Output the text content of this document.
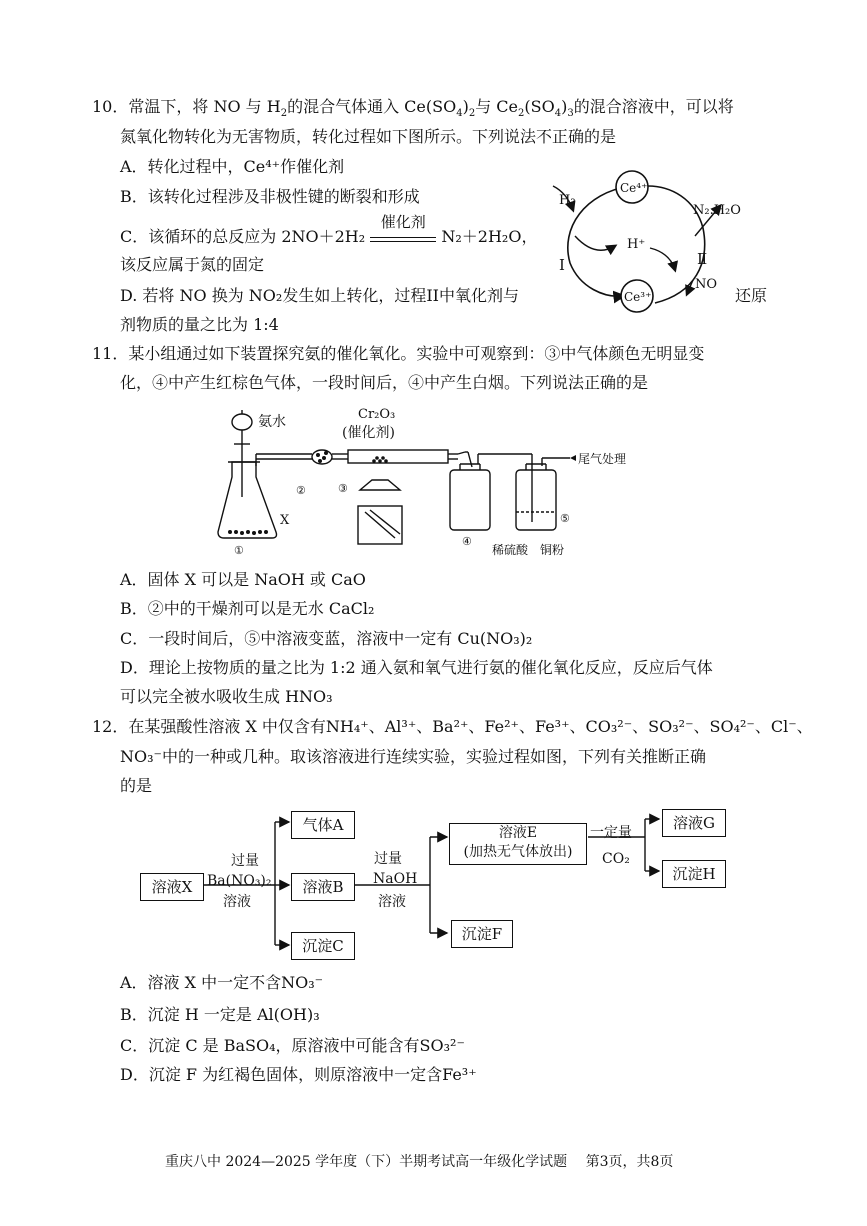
10．常温下，将 NO 与 $H_2$的混合气体通入 $Ce(SO_4)_2$与 $Ce_2(SO_4)_3$的混合溶液中，可以将
氮氧化物转化为无害物质，转化过程如下图所示。下列说法不正确的是
A．转化过程中，Ce⁴⁺作催化剂
B．该转化过程涉及非极性键的断裂和形成
C．该循环的总反应为 2NO＋2H₂
催化剂
N₂＋2H₂O，
该反应属于氮的固定
D. 若将 NO 换为 NO₂发生如上转化，过程II中氧化剂与	还原
剂物质的量之比为 1:4
Ce⁴⁺
Ce³⁺
H₂
H⁺
N₂.H₂O
I	Ⅱ
NO
11．某小组通过如下装置探究氨的催化氧化。实验中可观察到：③中气体颜色无明显变
化，④中产生红棕色气体，一段时间后，④中产生白烟。下列说法正确的是
氨水	Cr₂O₃
(催化剂)
尾气处理
X
①
②	③
④
⑤
稀硫酸 铜粉
A．固体 X 可以是 NaOH 或 CaO
B．②中的干燥剂可以是无水 CaCl₂
C．一段时间后，⑤中溶液变蓝，溶液中一定有 Cu(NO₃)₂
D．理论上按物质的量之比为 1:2 通入氨和氧气进行氨的催化氧化反应，反应后气体
可以完全被水吸收生成 HNO₃
12．在某强酸性溶液 X 中仅含有NH₄⁺、Al³⁺、Ba²⁺、Fe²⁺、Fe³⁺、CO₃²⁻、SO₃²⁻、SO₄²⁻、Cl⁻、
NO₃⁻中的一种或几种。取该溶液进行连续实验，实验过程如图，下列有关推断正确
的是
溶液X
过量
Ba(NO₃)₂
溶液
气体A
溶液B
沉淀C
过量
NaOH
溶液
溶液E
(加热无气体放出)
沉淀F
一定量
CO₂
溶液G
沉淀H
A．溶液 X 中一定不含NO₃⁻
B．沉淀 H 一定是 Al(OH)₃
C．沉淀 C 是 BaSO₄，原溶液中可能含有SO₃²⁻
D．沉淀 F 为红褐色固体，则原溶液中一定含Fe³⁺
重庆八中 2024—2025 学年度（下）半期考试高一年级化学试题　 第3页，共8页
